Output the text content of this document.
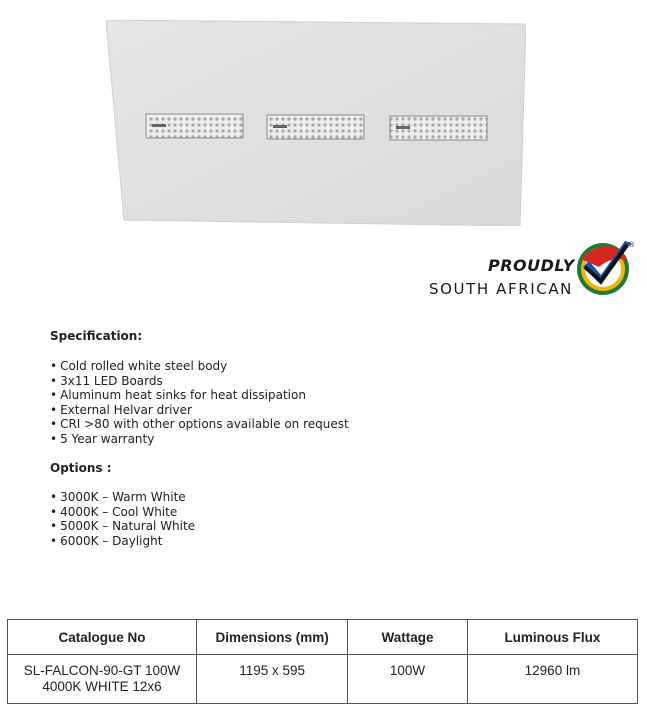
PROUDLY
SOUTH AFRICAN
®
Specification:
• Cold rolled white steel body
• 3x11 LED Boards
• Aluminum heat sinks for heat dissipation
• External Helvar driver
• CRI >80 with other options available on request
• 5 Year warranty
Options :
• 3000K – Warm White
• 4000K – Cool White
• 5000K – Natural White
• 6000K – Daylight
Catalogue No	Dimensions (mm)	Wattage	Luminous Flux

SL-FALCON-90-GT 100W
4000K WHITE 12x6	1195 x 595	100W	12960 lm
